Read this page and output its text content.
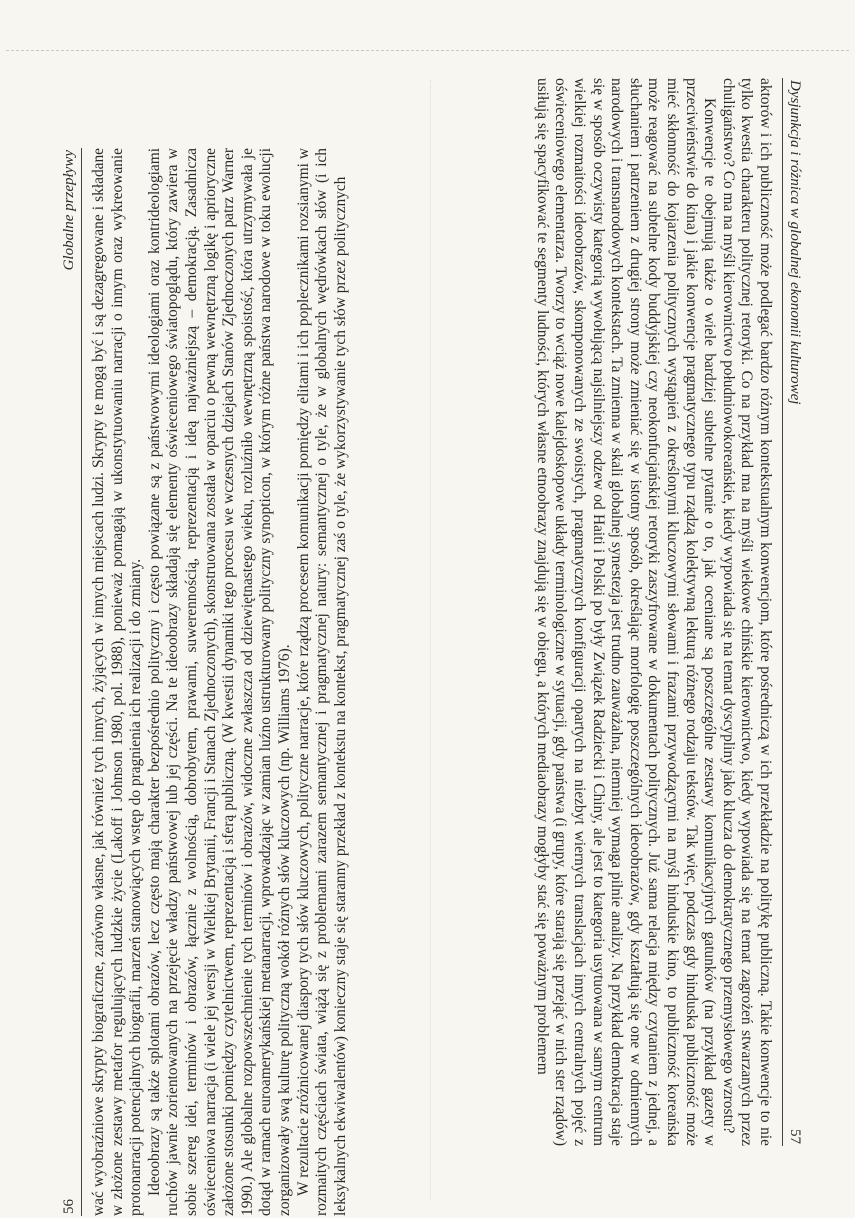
56
Globalne przepływy wać wyobraźniowe skrypty biograficzne, zarówno własne, jak również tych innych, żyjących w innych miejscach ludzi. Skrypty te mogą być i są dezagregowane i składane w złożone zestawy metafor regulujących ludzkie życie (Lakoff i Johnson 1980, pol. 1988), ponieważ pomagają w ukonstytuowaniu narracji o innym oraz wykreowanie protonarracji potencjalnych biografii, marzeń stanowiących wstęp do pragnienia ich realizacji i do zmiany. Ideoobrazy są także splotami obrazów, lecz często mają charakter bezpośrednio polityczny i często powiązane są z państwowymi ideologiami oraz kontrideologiami ruchów jawnie zorientowanych na przejęcie władzy państwowej lub jej części. Na te ideoobrazy składają się elementy oświeceniowego światopoglądu, który zawiera w sobie szereg idei, terminów i obrazów, łącznie z wolnością, dobrobytem, prawami, suwerennością, reprezentacją i ideą najważniejszą – demokracją. Zasadnicza oświeceniowa narracja (i wiele jej wersji w Wielkiej Brytanii, Francji i Stanach Zjednoczonych), skonstruowana została w oparciu o pewną wewnętrzną logikę i aprioryczne założone stosunki pomiędzy czytelnictwem, reprezentacją i sferą publiczną. (W kwestii dynamiki tego procesu we wczesnych dziejach Stanów Zjednoczonych patrz Warner 1990.) Ale globalne rozpowszechnienie tych terminów i obrazów, widoczne zwłaszcza od dziewiętnastego wieku, rozluźniło wewnętrzną spoistość, która utrzymywała je dotąd w ramach euroamerykańskiej metanarracji, wprowadzając w zamian luźno ustrukturowany polityczny synopticon, w którym różne państwa narodowe w toku ewolucji zorganizowały swą kulturę polityczną wokół różnych słów kluczowych (np. Williams 1976). W rezultacie zróżnicowanej diaspory tych słów kluczowych, polityczne narracje, które rządzą procesem komunikacji pomiędzy elitami i ich poplecznikami rozsianymi w rozmaitych częściach świata, wiążą się z problemami zarazem semantycznej i pragmatycznej natury: semantycznej o tyle, że w globalnych wędrówkach słów (i ich leksykalnych ekwiwalentów) konieczny staje się staranny przekład z kontekstu na kontekst, pragmatycznej zaś o tyle, że wykorzystywanie tych słów przez politycznych	Dysjunkcja i różnica w globalnej ekonomii kulturowej
57

aktorów i ich publiczność może podlegać bardzo różnym kontekstualnym konwencjom, które pośredniczą w ich przekładzie na politykę publiczną. Takie konwencje to nie tylko kwestia charakteru politycznej retoryki. Co na przykład ma na myśli wiekowe chińskie kierownictwo, kiedy wypowiada się na temat zagrożeń stwarzanych przez chuligaństwo? Co ma na myśli kierownictwo południowokoreańskie, kiedy wypowiada się na temat dyscypliny jako klucza do demokratycznego przemysłowego wzrostu?

Konwencje te obejmują także o wiele bardziej subtelne pytanie o to, jak oceniane są poszczególne zestawy komunikacyjnych gatunków (na przykład gazety w przeciwieństwie do kina) i jakie konwencje pragmatycznego typu rządzą kolektywną lekturą różnego rodzaju tekstów. Tak więc, podczas gdy hinduska publiczność może mieć skłonność do kojarzenia politycznych wystąpień z określonymi kluczowymi słowami i frazami przywodzącymi na myśl hinduskie kino, to publiczność koreańska może reagować na subtelne kody buddyjskiej czy neokonfucjańskiej retoryki zaszyfrowane w dokumentach politycznych. Już sama relacja między czytaniem z jednej, a słuchaniem i patrzeniem z drugiej strony może zmieniać się w istotny sposób, określając morfologię poszczególnych ideoobrazów, gdy kształtują się one w odmiennych narodowych i transnarodowych kontekstach. Ta zmienna w skali globalnej synestezja jest trudno zauważalna, niemniej wymaga pilnie analizy. Na przykład demokracja staje się w sposób oczywisty kategorią wywołującą najsilniejszy odzew od Haiti i Polski po były Związek Radziecki i Chiny, ale jest to kategoria usytuowana w samym centrum wielkiej rozmaitości ideoobrazów, skomponowanych ze swoistych, pragmatycznych konfiguracji opartych na niezbyt wiernych translacjach innych centralnych pojęć z oświeceniowego elementarza. Tworzy to wciąż nowe kalejdoskopowe układy terminologiczne w sytuacji, gdy państwa (i grupy, które starają się przejąć w nich ster rządów) usiłują się spacyfikować te segmenty ludności, których własne etnoobrazy znajdują się w obiegu, a których mediaobrazy mogłyby stać się poważnym problemem
